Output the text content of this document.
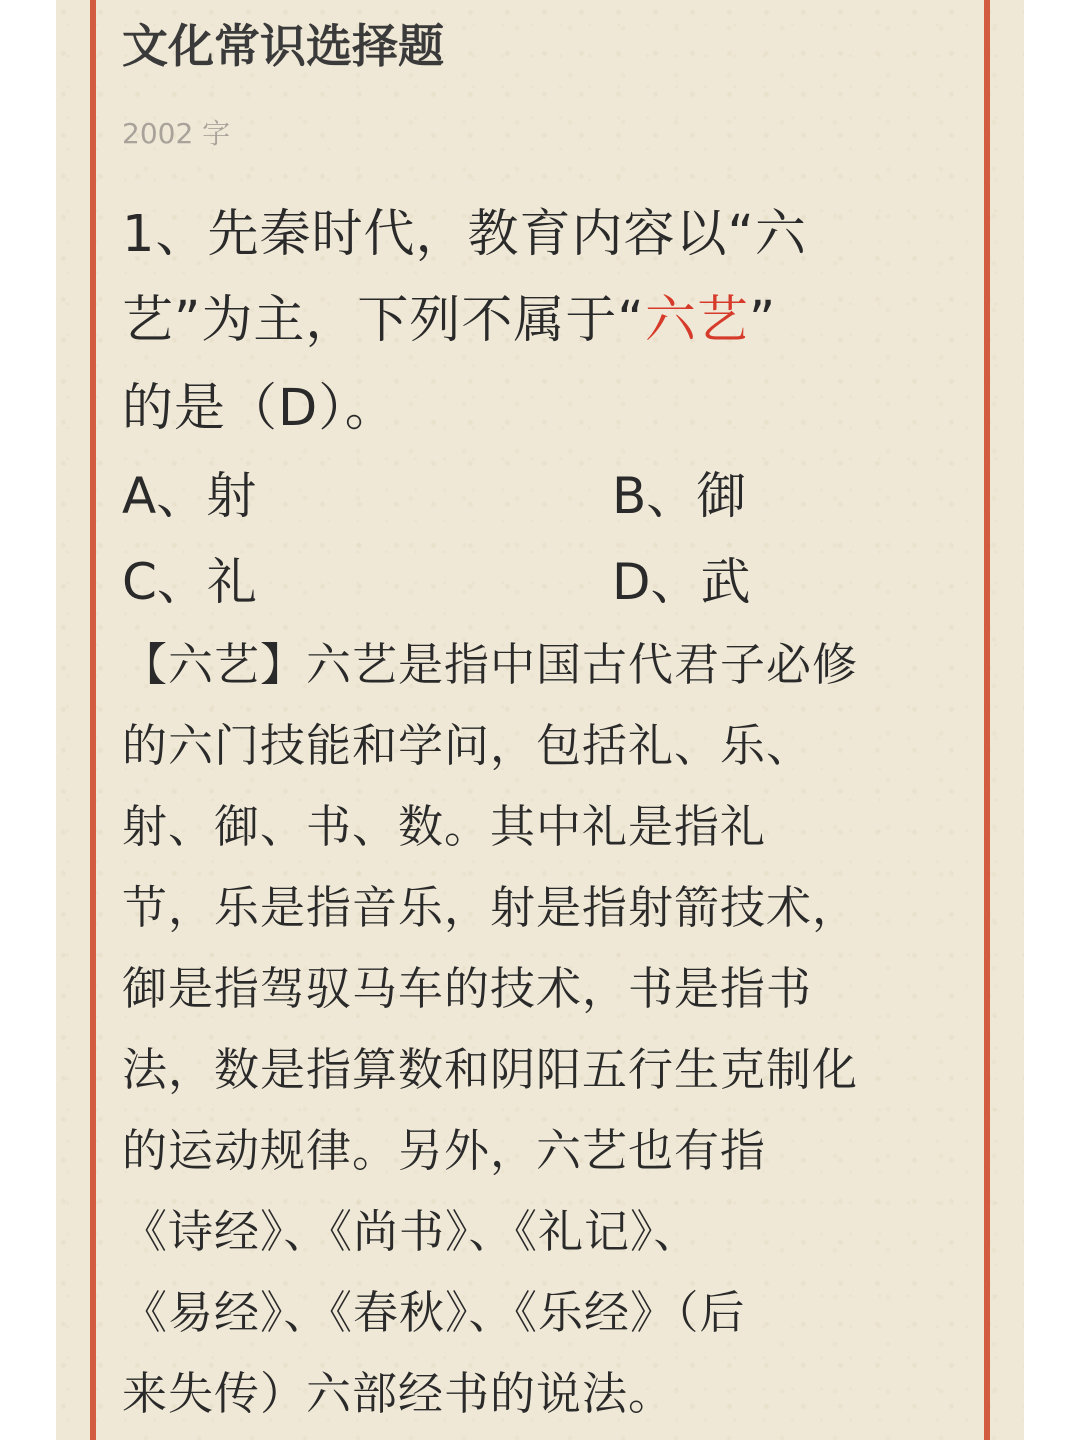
文化常识选择题
2002 字
1、先秦时代，教育内容以“六
艺”为主，下列不属于“六艺”
的是（D）。
A、射	B、御
C、礼	D、武
【六艺】六艺是指中国古代君子必修
的六门技能和学问，包括礼、乐、
射、御、书、数。其中礼是指礼
节，乐是指音乐，射是指射箭技术，
御是指驾驭马车的技术，书是指书
法，数是指算数和阴阳五行生克制化
的运动规律。另外，六艺也有指
《诗经》、《尚书》、《礼记》、
《易经》、《春秋》、《乐经》（后
来失传）六部经书的说法。
